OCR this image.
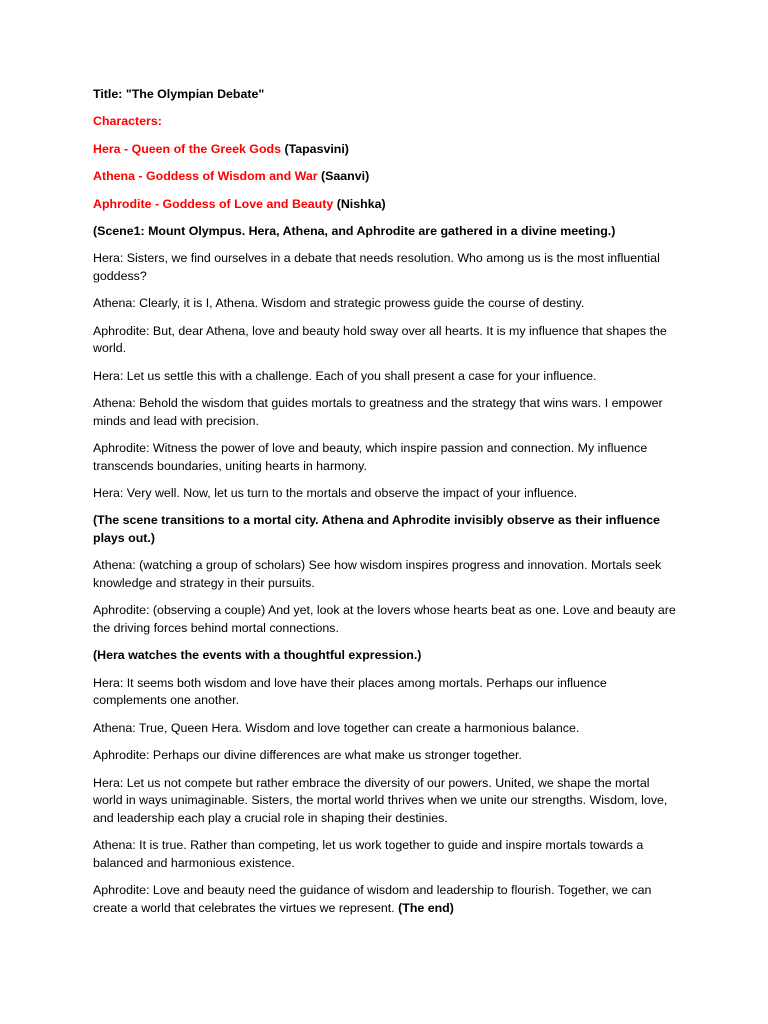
Title: "The Olympian Debate"

Characters:

Hera - Queen of the Greek Gods (Tapasvini)

Athena - Goddess of Wisdom and War (Saanvi)

Aphrodite - Goddess of Love and Beauty (Nishka)

(Scene1: Mount Olympus. Hera, Athena, and Aphrodite are gathered in a divine meeting.)

Hera: Sisters, we find ourselves in a debate that needs resolution. Who among us is the most influential goddess?

Athena: Clearly, it is I, Athena. Wisdom and strategic prowess guide the course of destiny.

Aphrodite: But, dear Athena, love and beauty hold sway over all hearts. It is my influence that shapes the world.

Hera: Let us settle this with a challenge. Each of you shall present a case for your influence.

Athena: Behold the wisdom that guides mortals to greatness and the strategy that wins wars. I empower minds and lead with precision.

Aphrodite: Witness the power of love and beauty, which inspire passion and connection. My influence transcends boundaries, uniting hearts in harmony.

Hera: Very well. Now, let us turn to the mortals and observe the impact of your influence.

(The scene transitions to a mortal city. Athena and Aphrodite invisibly observe as their influence plays out.)

Athena: (watching a group of scholars) See how wisdom inspires progress and innovation. Mortals seek knowledge and strategy in their pursuits.

Aphrodite: (observing a couple) And yet, look at the lovers whose hearts beat as one. Love and beauty are the driving forces behind mortal connections.

(Hera watches the events with a thoughtful expression.)

Hera: It seems both wisdom and love have their places among mortals. Perhaps our influence complements one another.

Athena: True, Queen Hera. Wisdom and love together can create a harmonious balance.

Aphrodite: Perhaps our divine differences are what make us stronger together.

Hera: Let us not compete but rather embrace the diversity of our powers. United, we shape the mortal world in ways unimaginable. Sisters, the mortal world thrives when we unite our strengths. Wisdom, love, and leadership each play a crucial role in shaping their destinies.

Athena: It is true. Rather than competing, let us work together to guide and inspire mortals towards a balanced and harmonious existence.

Aphrodite: Love and beauty need the guidance of wisdom and leadership to flourish. Together, we can create a world that celebrates the virtues we represent. (The end)
